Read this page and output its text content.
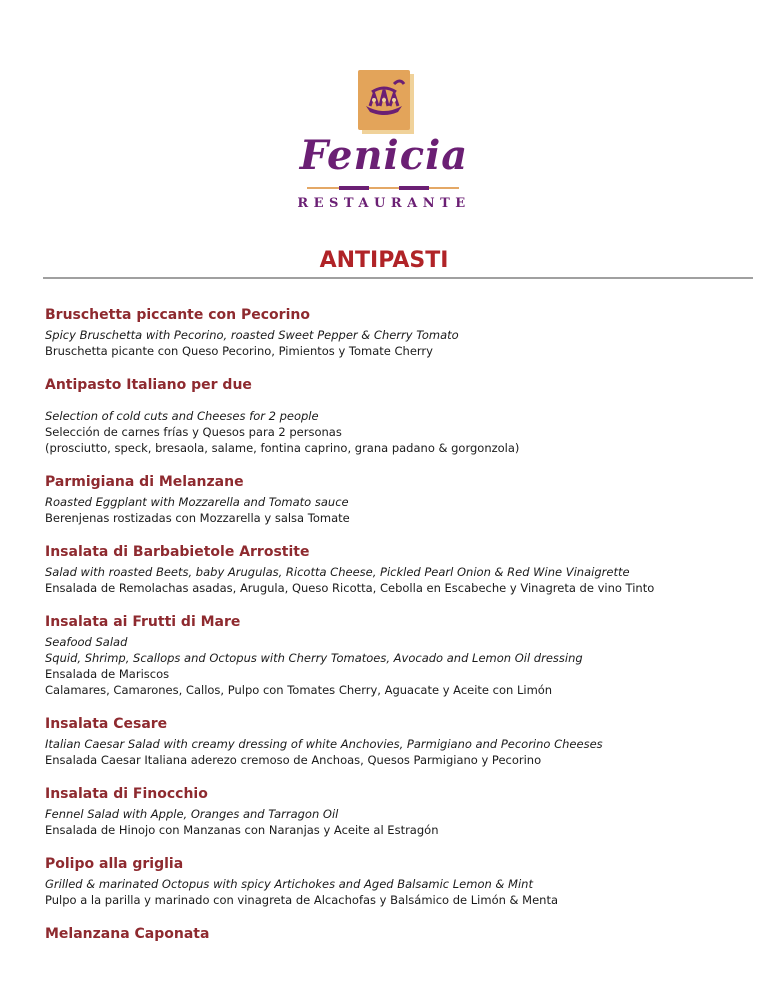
Fenicia
RESTAURANTE
ANTIPASTI

Bruschetta piccante con Pecorino

Spicy Bruschetta with Pecorino, roasted Sweet Pepper & Cherry Tomato

Bruschetta picante con Queso Pecorino, Pimientos y Tomate Cherry

Antipasto Italiano per due

Selection of cold cuts and Cheeses for 2 people

Selección de carnes frías y Quesos para 2 personas

(prosciutto, speck, bresaola, salame, fontina caprino, grana padano & gorgonzola)

Parmigiana di Melanzane

Roasted Eggplant with Mozzarella and Tomato sauce

Berenjenas rostizadas con Mozzarella y salsa Tomate

Insalata di Barbabietole Arrostite

Salad with roasted Beets, baby Arugulas, Ricotta Cheese, Pickled Pearl Onion & Red Wine Vinaigrette

Ensalada de Remolachas asadas, Arugula, Queso Ricotta, Cebolla en Escabeche y Vinagreta de vino Tinto

Insalata ai Frutti di Mare

Seafood Salad

Squid, Shrimp, Scallops and Octopus with Cherry Tomatoes, Avocado and Lemon Oil dressing

Ensalada de Mariscos

Calamares, Camarones, Callos, Pulpo con Tomates Cherry, Aguacate y Aceite con Limón

Insalata Cesare

Italian Caesar Salad with creamy dressing of white Anchovies, Parmigiano and Pecorino Cheeses

Ensalada Caesar Italiana aderezo cremoso de Anchoas, Quesos Parmigiano y Pecorino

Insalata di Finocchio

Fennel Salad with Apple, Oranges and Tarragon Oil

Ensalada de Hinojo con Manzanas con Naranjas y Aceite al Estragón

Polipo alla griglia

Grilled & marinated Octopus with spicy Artichokes and Aged Balsamic Lemon & Mint

Pulpo a la parilla y marinado con vinagreta de Alcachofas y Balsámico de Limón & Menta

Melanzana Caponata
